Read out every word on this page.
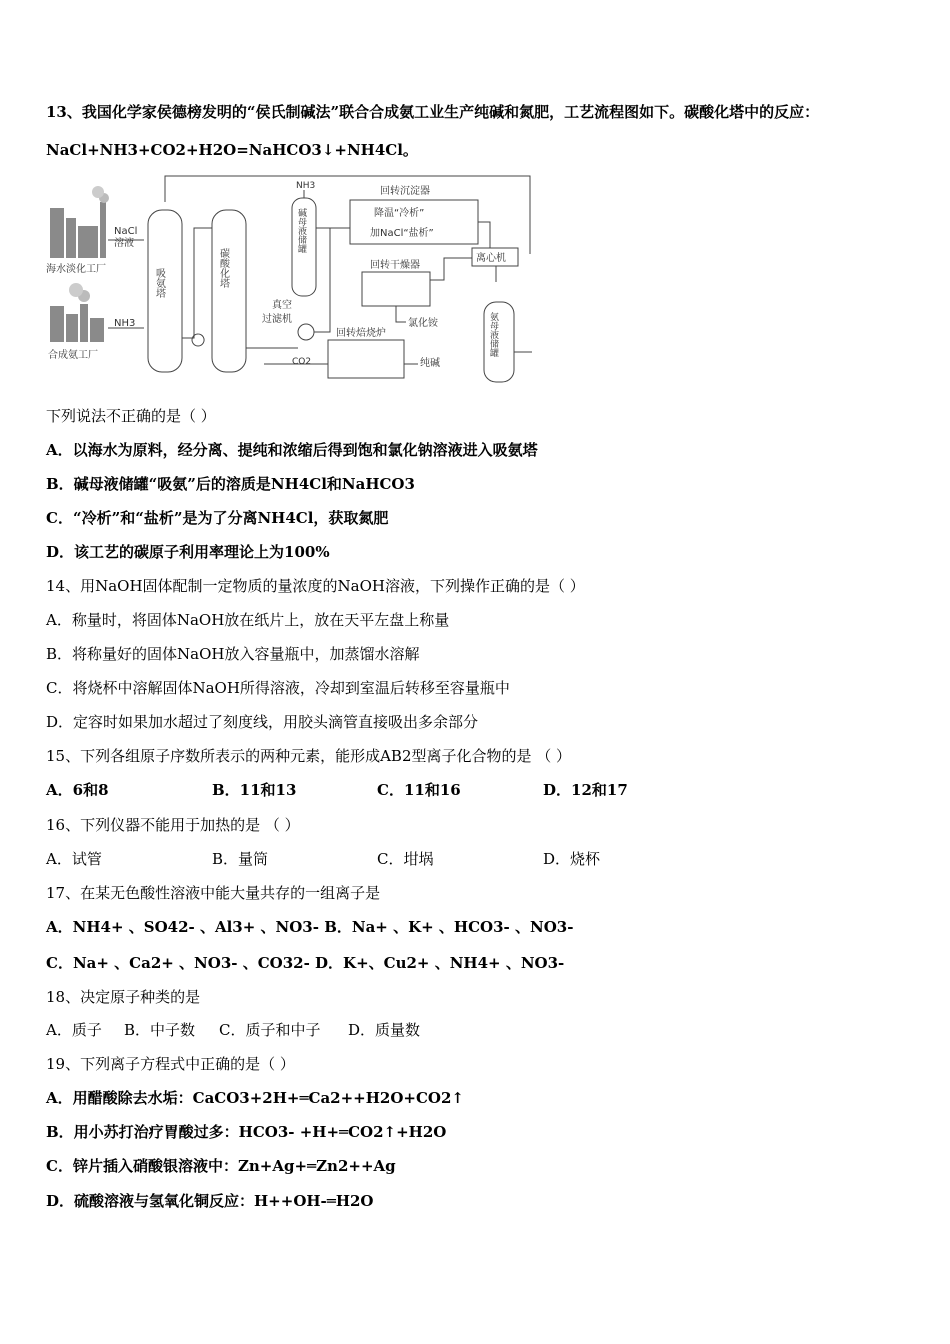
13、我国化学家侯德榜发明的“侯氏制碱法”联合合成氨工业生产纯碱和氮肥，工艺流程图如下。碳酸化塔中的反应：
NaCl+NH3+CO2+H2O=NaHCO3↓+NH4Cl。
NaCl
溶液
海水淡化工厂
NH3
合成氨工厂
吸氨塔	碳酸化塔
真空
过滤机
CO2
NH3
碱母液储罐
回转沉淀器
降温“冷析”
加NaCl“盐析”
离心机
回转干燥器
氯化铵
回转焙烧炉
纯碱
氨母液储罐
下列说法不正确的是（ ）
A．以海水为原料，经分离、提纯和浓缩后得到饱和氯化钠溶液进入吸氨塔
B．碱母液储罐“吸氨”后的溶质是NH4Cl和NaHCO3
C．“冷析”和“盐析”是为了分离NH4Cl，获取氮肥
D．该工艺的碳原子利用率理论上为100%
14、用NaOH固体配制一定物质的量浓度的NaOH溶液，下列操作正确的是（ ）
A．称量时，将固体NaOH放在纸片上，放在天平左盘上称量
B．将称量好的固体NaOH放入容量瓶中，加蒸馏水溶解
C．将烧杯中溶解固体NaOH所得溶液，冷却到室温后转移至容量瓶中
D．定容时如果加水超过了刻度线，用胶头滴管直接吸出多余部分
15、下列各组原子序数所表示的两种元素，能形成AB2型离子化合物的是 （ ）
A．6和8	B．11和13	C．11和16	D．12和17
16、下列仪器不能用于加热的是 （ ）
A．试管	B．量筒	C．坩埚	D．烧杯
17、在某无色酸性溶液中能大量共存的一组离子是
A．NH4+ 、SO42- 、Al3+ 、NO3- B．Na+ 、K+ 、HCO3- 、NO3-
C．Na+ 、Ca2+ 、NO3- 、CO32- D．K+、Cu2+ 、NH4+ 、NO3-
18、决定原子种类的是
A．质子 B．中子数 C．质子和中子 D．质量数
19、下列离子方程式中正确的是（ ）
A．用醋酸除去水垢：CaCO3+2H+═Ca2++H2O+CO2↑
B．用小苏打治疗胃酸过多：HCO3- +H+═CO2↑+H2O
C．锌片插入硝酸银溶液中：Zn+Ag+═Zn2++Ag
D．硫酸溶液与氢氧化铜反应：H++OH-═H2O
